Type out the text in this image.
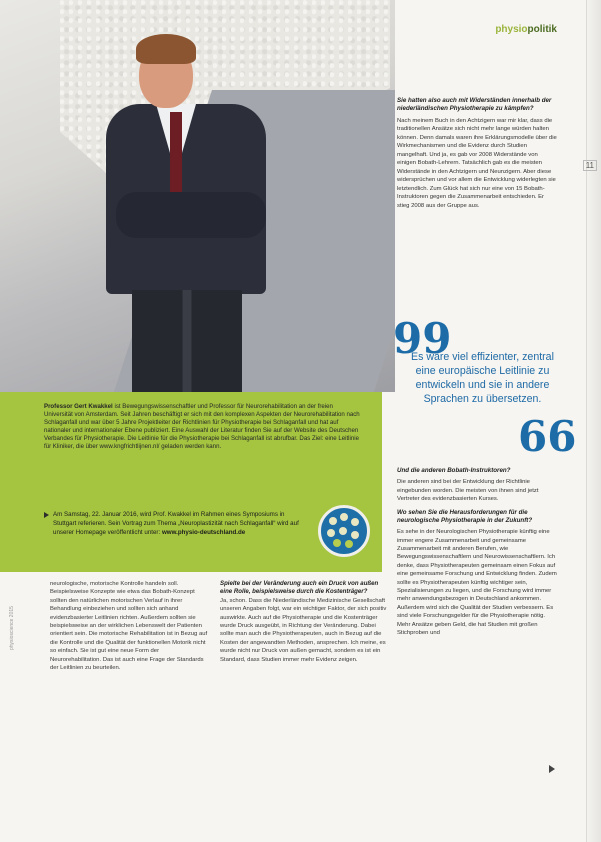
physiopolitik
11
Professor Gert Kwakkel ist Bewegungswissenschaftler und Professor für Neurorehabilitation an der freien Universität von Amsterdam. Seit Jahren beschäftigt er sich mit den komplexen Aspekten der Neurorehabilitation nach Schlaganfall und war über 5 Jahre Projektleiter der Richtlinien für Physiotherapie bei Schlaganfall und hat auf nationaler und internationaler Ebene publiziert. Eine Auswahl der Literatur finden Sie auf der Website des Deutschen Verbandes für Physiotherapie. Die Leitlinie für die Physiotherapie bei Schlaganfall ist abrufbar. Das Ziel: eine Leitlinie für Kliniker, die über www.kngfrichtlijnen.nl/ geladen werden kann.
Am Samstag, 22. Januar 2016, wird Prof. Kwakkel im Rahmen eines Symposiums in Stuttgart referieren. Sein Vortrag zum Thema „Neuroplastizität nach Schlaganfall“ wird auf unserer Homepage veröffentlicht unter: www.physio-deutschland.de
Sie hatten also auch mit Widerständen innerhalb der niederländischen Physiotherapie zu kämpfen?
Nach meinem Buch in den Achtzigern war mir klar, dass die traditionellen Ansätze sich nicht mehr lange würden halten können. Denn damals waren ihre Erklärungsmodelle über die Wirkmechanismen und die Evidenz durch Studien mangelhaft. Und ja, es gab vor 2008 Widerstände von einigen Bobath-Lehrern. Tatsächlich gab es die meisten Widerstände in den Achtzigern und Neunzigern. Aber diese widersprüchen und vor allem die Entwicklung widerlegten sie letztendlich. Zum Glück hat sich nur eine von 15 Bobath-Instruktoren gegen die Zusammenarbeit entschieden. Er stieg 2008 aus der Gruppe aus.
99
Es wäre viel effizienter, zentral eine europäische Leitlinie zu entwickeln und sie in andere Sprachen zu übersetzen.
66
Und die anderen Bobath-Instruktoren?
Die anderen sind bei der Entwicklung der Richtlinie eingebunden worden. Die meisten von ihnen sind jetzt Vertreter des evidenzbasierten Kurses.
Wo sehen Sie die Herausforderungen für die neurologische Physiotherapie in der Zukunft?
Es sehe in der Neurologischen Physiotherapie künftig eine immer engere Zusammenarbeit und gemeinsame Zusammenarbeit mit anderen Berufen, wie Bewegungswissenschaftlern und Neurowissenschaftlern. Ich denke, dass Physiotherapeuten gemeinsam einen Fokus auf eine gemeinsame Forschung und Entwicklung finden. Zudem sollte es Physiotherapeuten künftig wichtiger sein, Spezialisierungen zu liegen, und die Forschung wird immer mehr anwendungsbezogen in Deutschland ankommen. Außerdem wird sich die Qualität der Studien verbessern. Es sind viele Forschungsgelder für die Physiotherapie nötig. Mehr Ansätze geben Geld, die hat Studien mit großen Stichproben und
neurologische, motorische Kontrolle handeln soll. Beispielsweise Konzepte wie etwa das Bobath-Konzept sollten den natürlichen motorischen Verlauf in ihrer Behandlung einbeziehen und sollten sich anhand evidenzbasierter Leitlinien richten. Außerdem sollten sie beispielsweise an der wirklichen Lebenswelt der Patienten orientiert sein. Die motorische Rehabilitation ist in Bezug auf die Kontrolle und die Qualität der funktionellen Motorik nicht so einfach. Sie ist gut eine neue Form der Neurorehabilitation. Das ist auch eine Frage der Standards der Leitlinien zu beurteilen.
Spielte bei der Veränderung auch ein Druck von außen eine Rolle, beispielsweise durch die Kostenträger?
Ja, schon. Dass die Niederländische Medizinische Gesellschaft unseren Angaben folgt, war ein wichtiger Faktor, der sich positiv auswirkte. Auch auf die Physiotherapie und die Kostenträger wurde Druck ausgeübt, in Richtung der Veränderung. Dabei sollte man auch die Physiotherapeuten, auch in Bezug auf die Kosten der angewandten Methoden, ansprechen. Ich meine, es wurde nicht nur Druck von außen gemacht, sondern es ist ein Standard, dass Studien immer mehr Evidenz zeigen.
physioscience 2015
